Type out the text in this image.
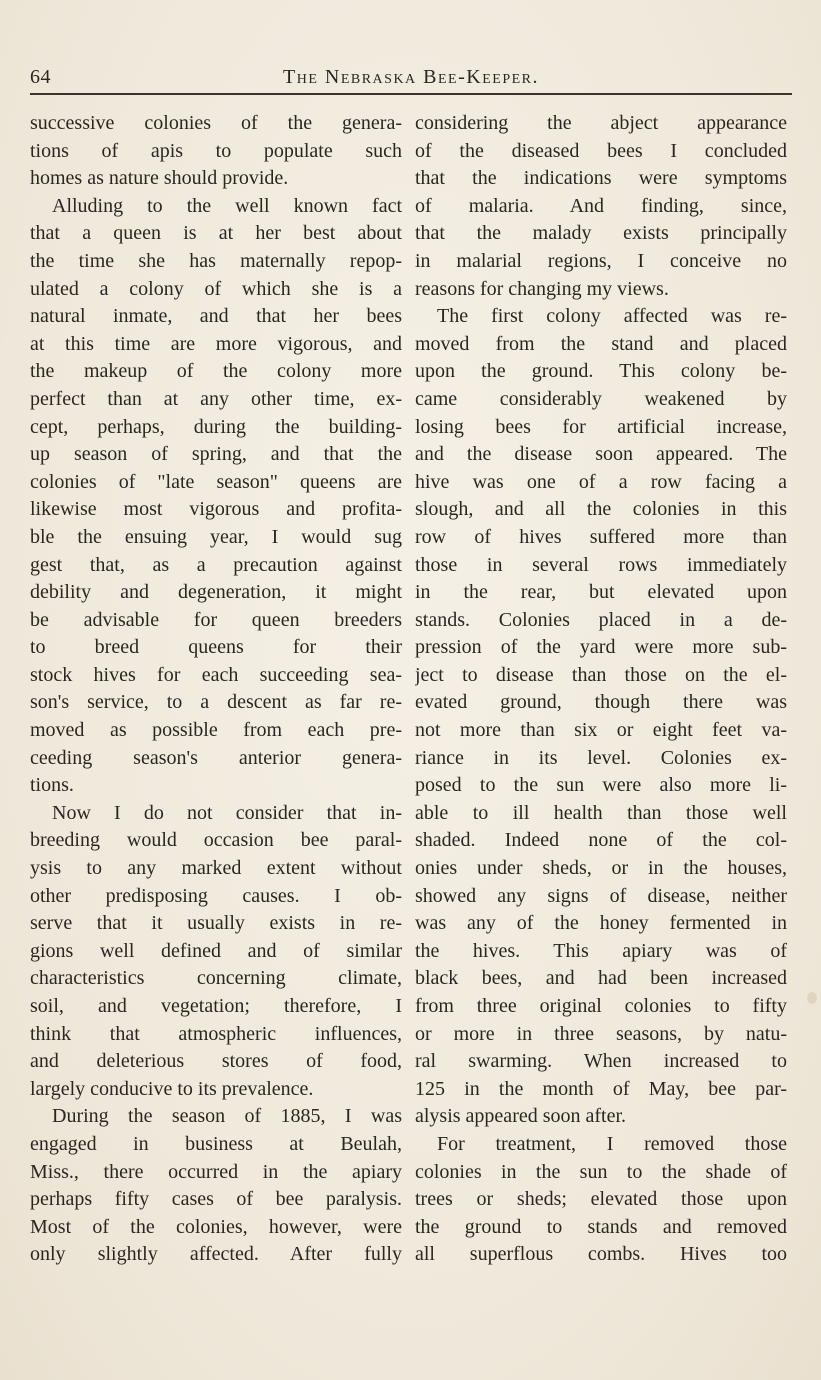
64	The Nebraska Bee-Keeper.
successive colonies of the genera-
tions of apis to populate such
homes as nature should provide.
Alluding to the well known fact
that a queen is at her best about
the time she has maternally repop-
ulated a colony of which she is a
natural inmate, and that her bees
at this time are more vigorous, and
the makeup of the colony more
perfect than at any other time, ex-
cept, perhaps, during the building-
up season of spring, and that the
colonies of "late season" queens are
likewise most vigorous and profita-
ble the ensuing year, I would sug
gest that, as a precaution against
debility and degeneration, it might
be advisable for queen breeders
to breed queens for their
stock hives for each succeeding sea-
son's service, to a descent as far re-
moved as possible from each pre-
ceeding season's anterior genera-
tions.
Now I do not consider that in-
breeding would occasion bee paral-
ysis to any marked extent without
other predisposing causes. I ob-
serve that it usually exists in re-
gions well defined and of similar
characteristics concerning climate,
soil, and vegetation; therefore, I
think that atmospheric influences,
and deleterious stores of food,
largely conducive to its prevalence.
During the season of 1885, I was
engaged in business at Beulah,
Miss., there occurred in the apiary
perhaps fifty cases of bee paralysis.
Most of the colonies, however, were
only slightly affected. After fully
considering the abject appearance
of the diseased bees I concluded
that the indications were symptoms
of malaria. And finding, since,
that the malady exists principally
in malarial regions, I conceive no
reasons for changing my views.
The first colony affected was re-
moved from the stand and placed
upon the ground. This colony be-
came considerably weakened by
losing bees for artificial increase,
and the disease soon appeared. The
hive was one of a row facing a
slough, and all the colonies in this
row of hives suffered more than
those in several rows immediately
in the rear, but elevated upon
stands. Colonies placed in a de-
pression of the yard were more sub-
ject to disease than those on the el-
evated ground, though there was
not more than six or eight feet va-
riance in its level. Colonies ex-
posed to the sun were also more li-
able to ill health than those well
shaded. Indeed none of the col-
onies under sheds, or in the houses,
showed any signs of disease, neither
was any of the honey fermented in
the hives. This apiary was of
black bees, and had been increased
from three original colonies to fifty
or more in three seasons, by natu-
ral swarming. When increased to
125 in the month of May, bee par-
alysis appeared soon after.
For treatment, I removed those
colonies in the sun to the shade of
trees or sheds; elevated those upon
the ground to stands and removed
all superflous combs. Hives too
